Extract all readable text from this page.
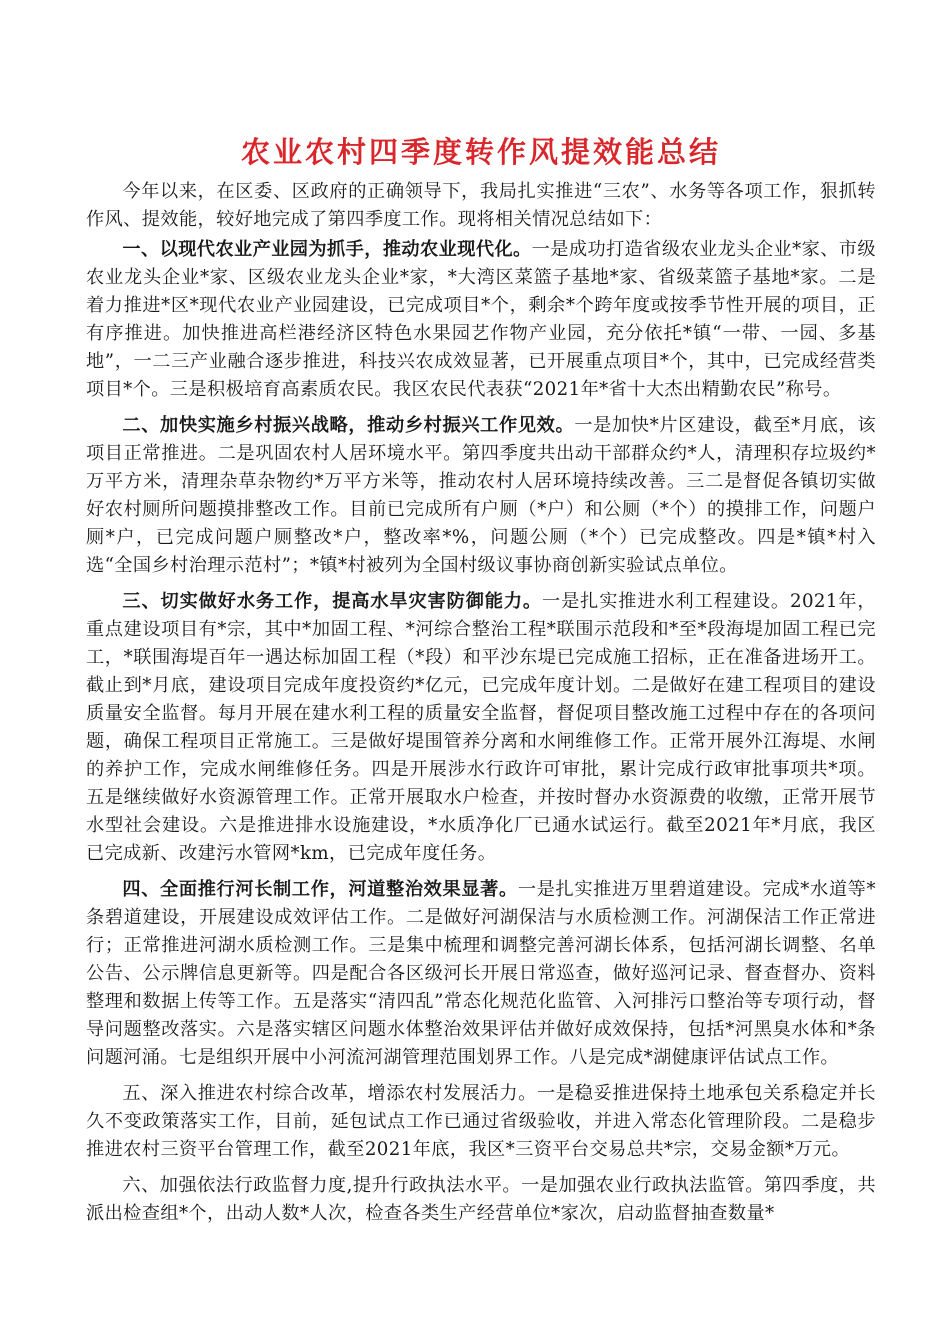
农业农村四季度转作风提效能总结

今年以来，在区委、区政府的正确领导下，我局扎实推进“三农”、水务等各项工作，狠抓转作风、提效能，较好地完成了第四季度工作。现将相关情况总结如下：

一、以现代农业产业园为抓手，推动农业现代化。一是成功打造省级农业龙头企业*家、市级农业龙头企业*家、区级农业龙头企业*家，*大湾区菜篮子基地*家、省级菜篮子基地*家。二是着力推进*区*现代农业产业园建设，已完成项目*个，剩余*个跨年度或按季节性开展的项目，正有序推进。加快推进高栏港经济区特色水果园艺作物产业园，充分依托*镇“一带、一园、多基地”，一二三产业融合逐步推进，科技兴农成效显著，已开展重点项目*个，其中，已完成经营类项目*个。三是积极培育高素质农民。我区农民代表获“2021年*省十大杰出精勤农民”称号。

二、加快实施乡村振兴战略，推动乡村振兴工作见效。一是加快*片区建设，截至*月底，该项目正常推进。二是巩固农村人居环境水平。第四季度共出动干部群众约*人，清理积存垃圾约*万平方米，清理杂草杂物约*万平方米等，推动农村人居环境持续改善。三二是督促各镇切实做好农村厕所问题摸排整改工作。目前已完成所有户厕（*户）和公厕（*个）的摸排工作，问题户厕*户，已完成问题户厕整改*户，整改率*%，问题公厕（*个）已完成整改。四是*镇*村入选“全国乡村治理示范村”；*镇*村被列为全国村级议事协商创新实验试点单位。

三、切实做好水务工作，提高水旱灾害防御能力。一是扎实推进水利工程建设。2021年，重点建设项目有*宗，其中*加固工程、*河综合整治工程*联围示范段和*至*段海堤加固工程已完工，*联围海堤百年一遇达标加固工程（*段）和平沙东堤已完成施工招标，正在准备进场开工。截止到*月底，建设项目完成年度投资约*亿元，已完成年度计划。二是做好在建工程项目的建设质量安全监督。每月开展在建水利工程的质量安全监督，督促项目整改施工过程中存在的各项问题，确保工程项目正常施工。三是做好堤围管养分离和水闸维修工作。正常开展外江海堤、水闸的养护工作，完成水闸维修任务。四是开展涉水行政许可审批，累计完成行政审批事项共*项。五是继续做好水资源管理工作。正常开展取水户检查，并按时督办水资源费的收缴，正常开展节水型社会建设。六是推进排水设施建设，*水质净化厂已通水试运行。截至2021年*月底，我区已完成新、改建污水管网*km，已完成年度任务。

四、全面推行河长制工作，河道整治效果显著。一是扎实推进万里碧道建设。完成*水道等*条碧道建设，开展建设成效评估工作。二是做好河湖保洁与水质检测工作。河湖保洁工作正常进行；正常推进河湖水质检测工作。三是集中梳理和调整完善河湖长体系，包括河湖长调整、名单公告、公示牌信息更新等。四是配合各区级河长开展日常巡查，做好巡河记录、督查督办、资料整理和数据上传等工作。五是落实“清四乱”常态化规范化监管、入河排污口整治等专项行动，督导问题整改落实。六是落实辖区问题水体整治效果评估并做好成效保持，包括*河黑臭水体和*条问题河涌。七是组织开展中小河流河湖管理范围划界工作。八是完成*湖健康评估试点工作。

五、深入推进农村综合改革，增添农村发展活力。一是稳妥推进保持土地承包关系稳定并长久不变政策落实工作，目前，延包试点工作已通过省级验收，并进入常态化管理阶段。二是稳步推进农村三资平台管理工作，截至2021年底，我区*三资平台交易总共*宗，交易金额*万元。

六、加强依法行政监督力度,提升行政执法水平。一是加强农业行政执法监管。第四季度，共派出检查组*个，出动人数*人次，检查各类生产经营单位*家次，启动监督抽查数量*
